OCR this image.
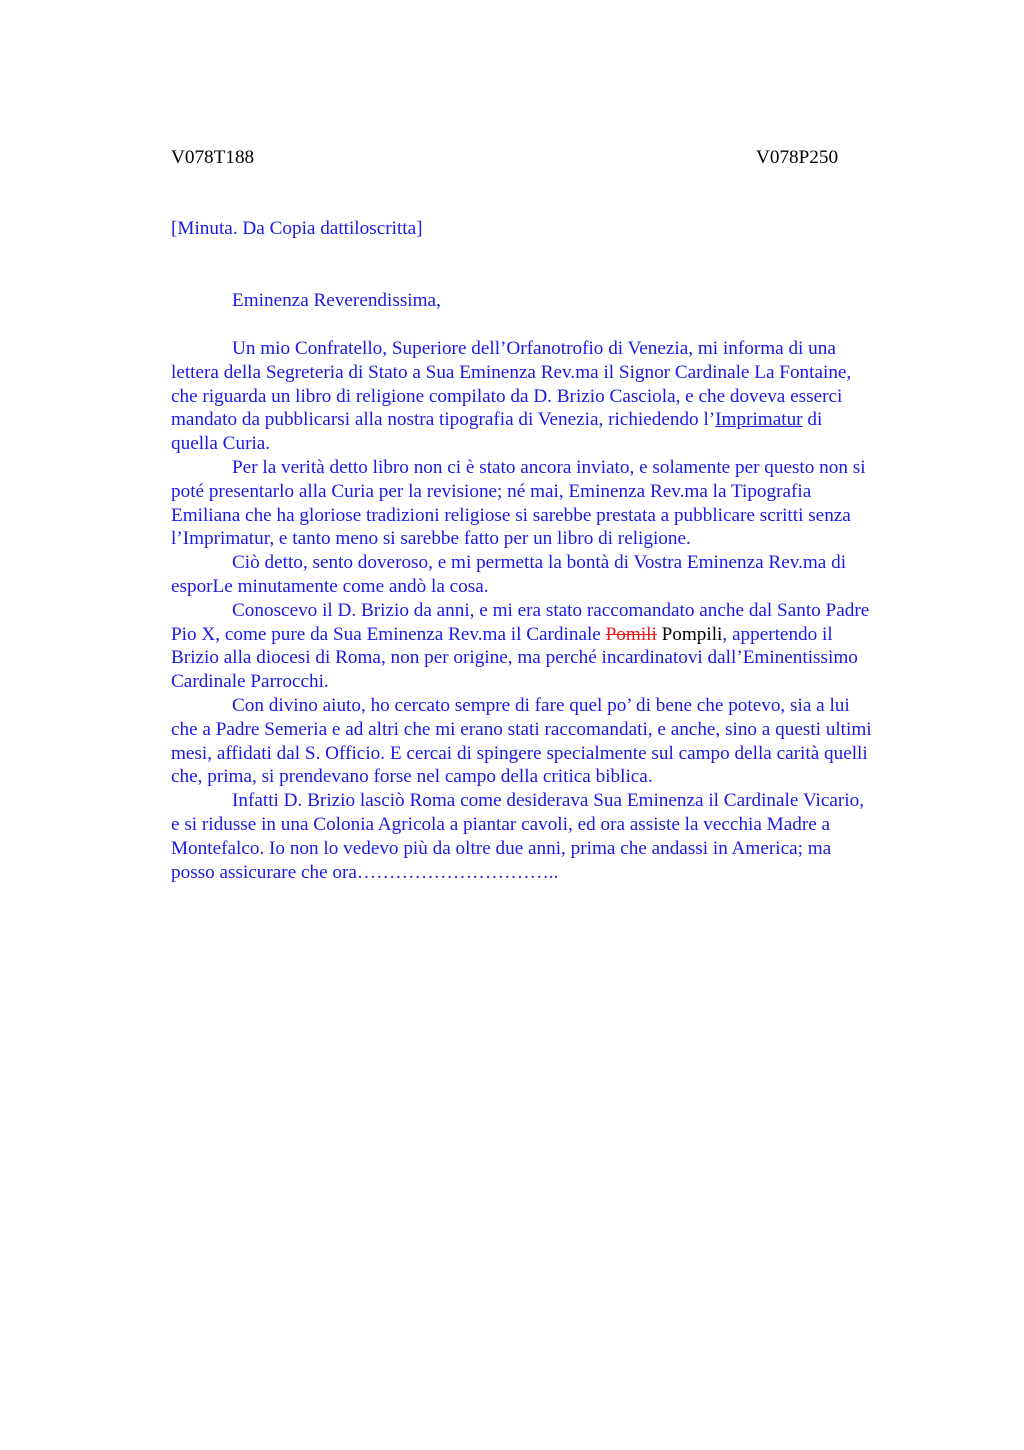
V078T188	V078P250
[Minuta. Da Copia dattiloscritta]
Eminenza Reverendissima,
Un mio Confratello, Superiore dell’Orfanotrofio di Venezia, mi informa di una
lettera della Segreteria di Stato a Sua Eminenza Rev.ma il Signor Cardinale La Fontaine,
che riguarda un libro di religione compilato da D. Brizio Casciola, e che doveva esserci
mandato da pubblicarsi alla nostra tipografia di Venezia, richiedendo l’Imprimatur di
quella Curia.
Per la verità detto libro non ci è stato ancora inviato, e solamente per questo non si
poté presentarlo alla Curia per la revisione; né mai, Eminenza Rev.ma la Tipografia
Emiliana che ha gloriose tradizioni religiose si sarebbe prestata a pubblicare scritti senza
l’Imprimatur, e tanto meno si sarebbe fatto per un libro di religione.
Ciò detto, sento doveroso, e mi permetta la bontà di Vostra Eminenza Rev.ma di
esporLe minutamente come andò la cosa.
Conoscevo il D. Brizio da anni, e mi era stato raccomandato anche dal Santo Padre
Pio X, come pure da Sua Eminenza Rev.ma il Cardinale Pomili Pompili, appertendo il
Brizio alla diocesi di Roma, non per origine, ma perché incardinatovi dall’Eminentissimo
Cardinale Parrocchi.
Con divino aiuto, ho cercato sempre di fare quel po’ di bene che potevo, sia a lui
che a Padre Semeria e ad altri che mi erano stati raccomandati, e anche, sino a questi ultimi
mesi, affidati dal S. Officio. E cercai di spingere specialmente sul campo della carità quelli
che, prima, si prendevano forse nel campo della critica biblica.
Infatti D. Brizio lasciò Roma come desiderava Sua Eminenza il Cardinale Vicario,
e si ridusse in una Colonia Agricola a piantar cavoli, ed ora assiste la vecchia Madre a
Montefalco. Io non lo vedevo più da oltre due anni, prima che andassi in America; ma
posso assicurare che ora…………………………..
